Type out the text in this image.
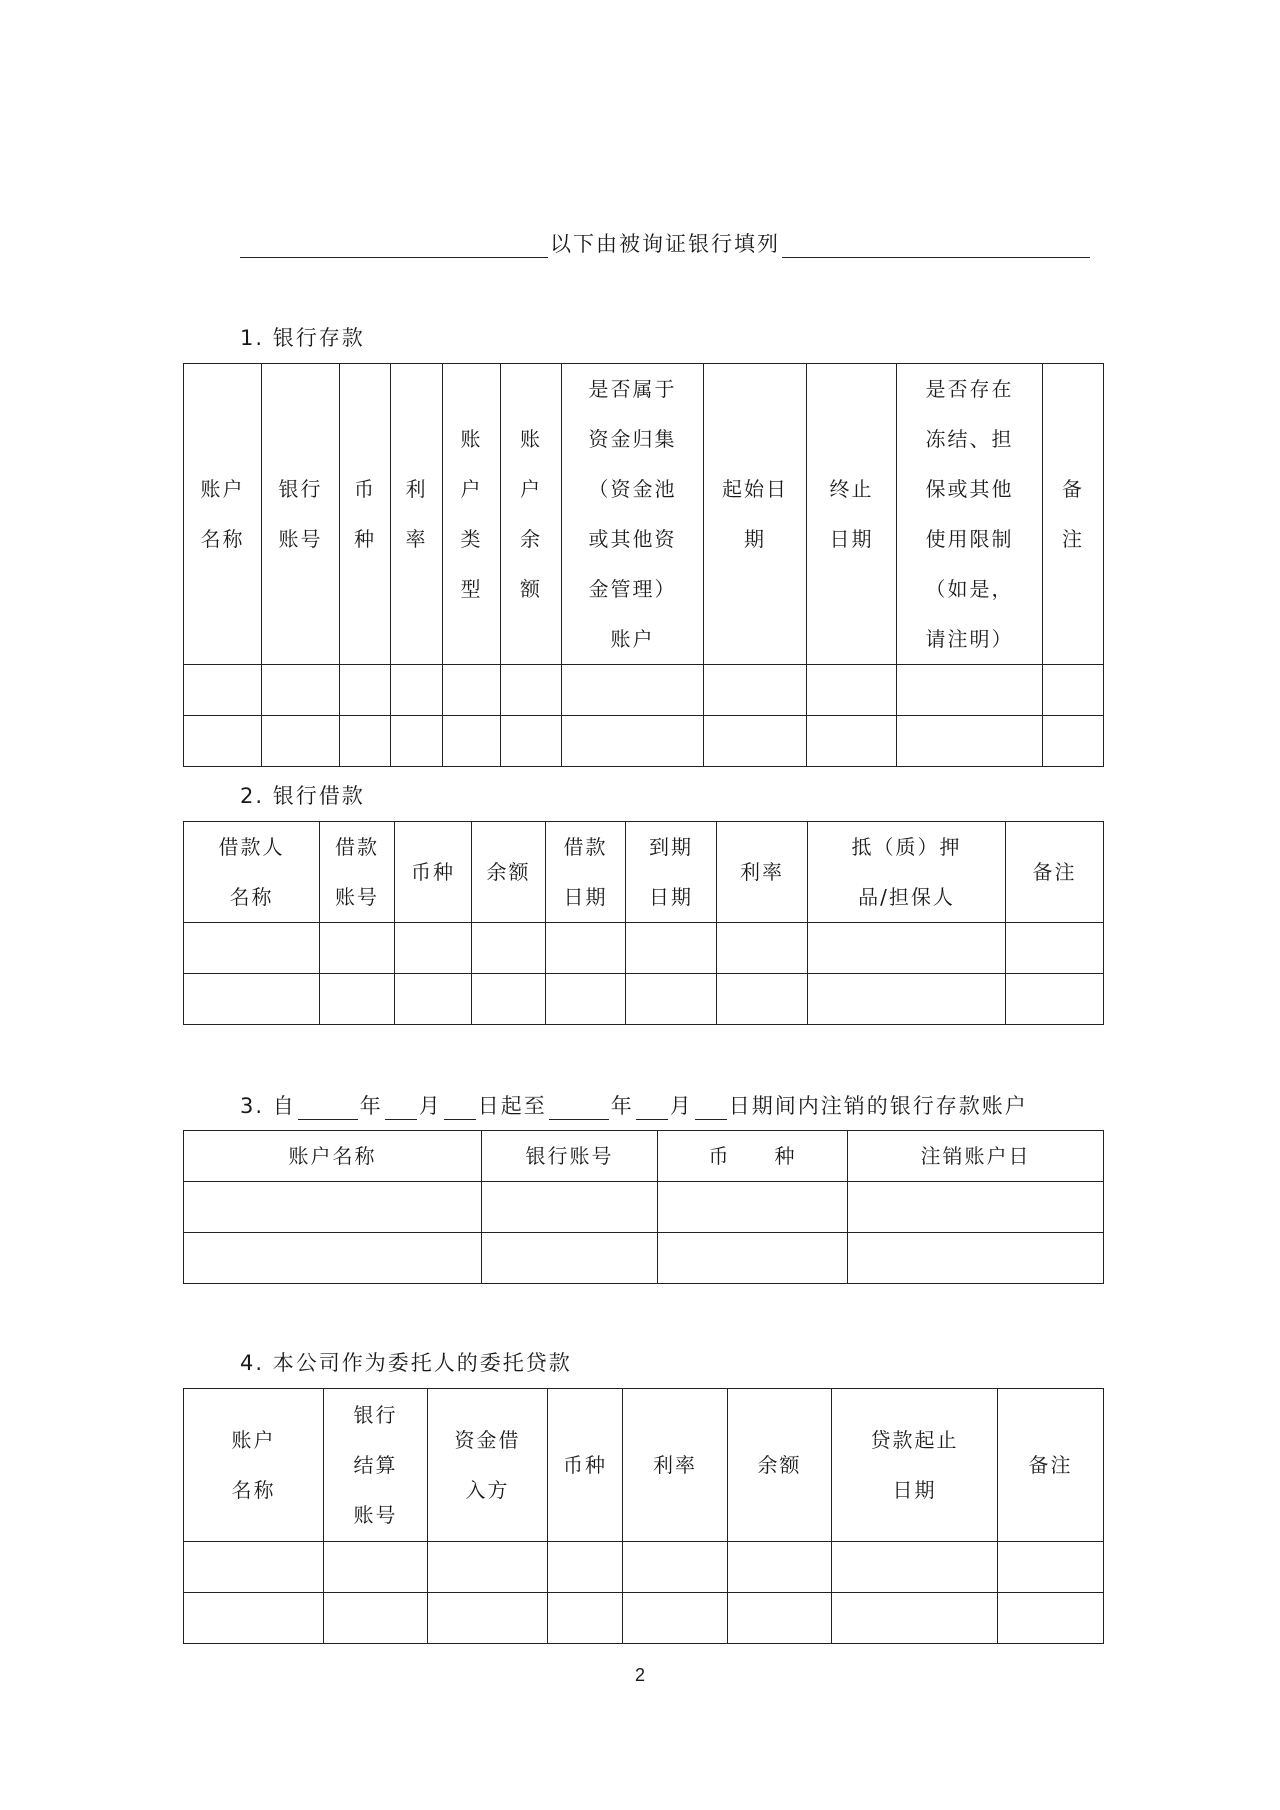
以下由被询证银行填列
1. 银行存款
账户名称	银行账号	币种	利率	账户类型	账户余额	是否属于资金归集（资金池或其他资金管理）账户	起始日期	终止日期	是否存在冻结、担保或其他使用限制（如是，请注明）	备注

2. 银行借款
借款人名称	借款账号	币种	余额	借款日期	到期日期	利率	抵（质）押品/担保人	备注

3. 自	年 月 日起至	年 月 日期间内注销的银行存款账户
账户名称	银行账号	币　　种	注销账户日

4. 本公司作为委托人的委托贷款
账户名称	银行结算账号	资金借入方	币种	利率	余额	贷款起止日期	备注

2
